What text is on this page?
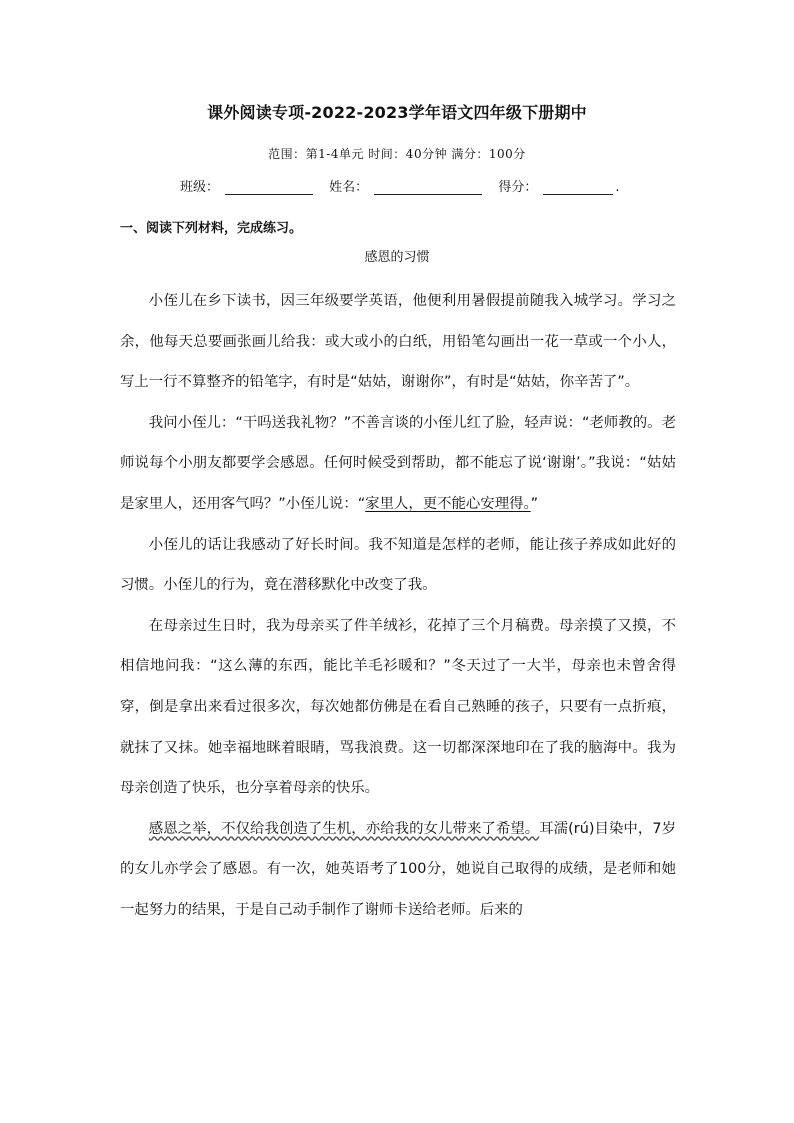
课外阅读专项-2022-2023学年语文四年级下册期中
范围：第1-4单元 时间：40分钟 满分：100分
班级：	姓名：	得分：	.
一、阅读下列材料，完成练习。
感恩的习惯

小侄儿在乡下读书，因三年级要学英语，他便利用暑假提前随我入城学习。学习之余，他每天总要画张画儿给我：或大或小的白纸，用铅笔勾画出一花一草或一个小人，写上一行不算整齐的铅笔字，有时是“姑姑，谢谢你”，有时是“姑姑，你辛苦了”。

我问小侄儿：“干吗送我礼物？”不善言谈的小侄儿红了脸，轻声说：“老师教的。老师说每个小朋友都要学会感恩。任何时候受到帮助，都不能忘了说‘谢谢’。”我说：“姑姑是家里人，还用客气吗？”小侄儿说：“家里人，更不能心安理得。”

小侄儿的话让我感动了好长时间。我不知道是怎样的老师，能让孩子养成如此好的习惯。小侄儿的行为，竟在潜移默化中改变了我。

在母亲过生日时，我为母亲买了件羊绒衫，花掉了三个月稿费。母亲摸了又摸，不相信地问我：“这么薄的东西，能比羊毛衫暖和？”冬天过了一大半，母亲也未曾舍得穿，倒是拿出来看过很多次，每次她都仿佛是在看自己熟睡的孩子，只要有一点折痕，就抹了又抹。她幸福地眯着眼睛，骂我浪费。这一切都深深地印在了我的脑海中。我为母亲创造了快乐，也分享着母亲的快乐。

感恩之举，不仅给我创造了生机，亦给我的女儿带来了希望。耳濡(rú)目染中，7岁的女儿亦学会了感恩。有一次，她英语考了100分，她说自己取得的成绩，是老师和她一起努力的结果，于是自己动手制作了谢师卡送给老师。后来的
